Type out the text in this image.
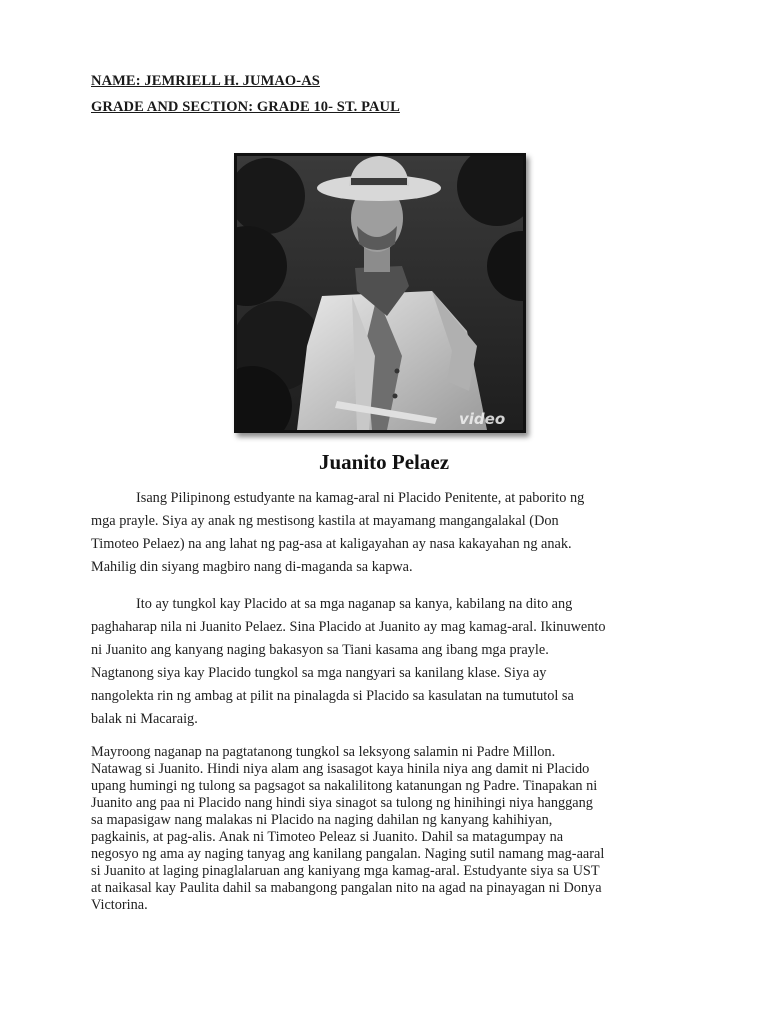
NAME: JEMRIELL H. JUMAO-AS
GRADE AND SECTION: GRADE 10- ST. PAUL
video
Juanito Pelaez
Isang Pilipinong estudyante na kamag-aral ni Placido Penitente, at paborito ng
mga prayle. Siya ay anak ng mestisong kastila at mayamang mangangalakal (Don
Timoteo Pelaez) na ang lahat ng pag-asa at kaligayahan ay nasa kakayahan ng anak.
Mahilig din siyang magbiro nang di-maganda sa kapwa.
Ito ay tungkol kay Placido at sa mga naganap sa kanya, kabilang na dito ang
paghaharap nila ni Juanito Pelaez. Sina Placido at Juanito ay mag kamag-aral. Ikinuwento
ni Juanito ang kanyang naging bakasyon sa Tiani kasama ang ibang mga prayle.
Nagtanong siya kay Placido tungkol sa mga nangyari sa kanilang klase. Siya ay
nangolekta rin ng ambag at pilit na pinalagda si Placido sa kasulatan na tumututol sa
balak ni Macaraig.
Mayroong naganap na pagtatanong tungkol sa leksyong salamin ni Padre Millon.
Natawag si Juanito. Hindi niya alam ang isasagot kaya hinila niya ang damit ni Placido
upang humingi ng tulong sa pagsagot sa nakalilitong katanungan ng Padre. Tinapakan ni
Juanito ang paa ni Placido nang hindi siya sinagot sa tulong ng hinihingi niya hanggang
sa mapasigaw nang malakas ni Placido na naging dahilan ng kanyang kahihiyan,
pagkainis, at pag-alis. Anak ni Timoteo Peleaz si Juanito. Dahil sa matagumpay na
negosyo ng ama ay naging tanyag ang kanilang pangalan. Naging sutil namang mag-aaral
si Juanito at laging pinaglalaruan ang kaniyang mga kamag-aral. Estudyante siya sa UST
at naikasal kay Paulita dahil sa mabangong pangalan nito na agad na pinayagan ni Donya
Victorina.
